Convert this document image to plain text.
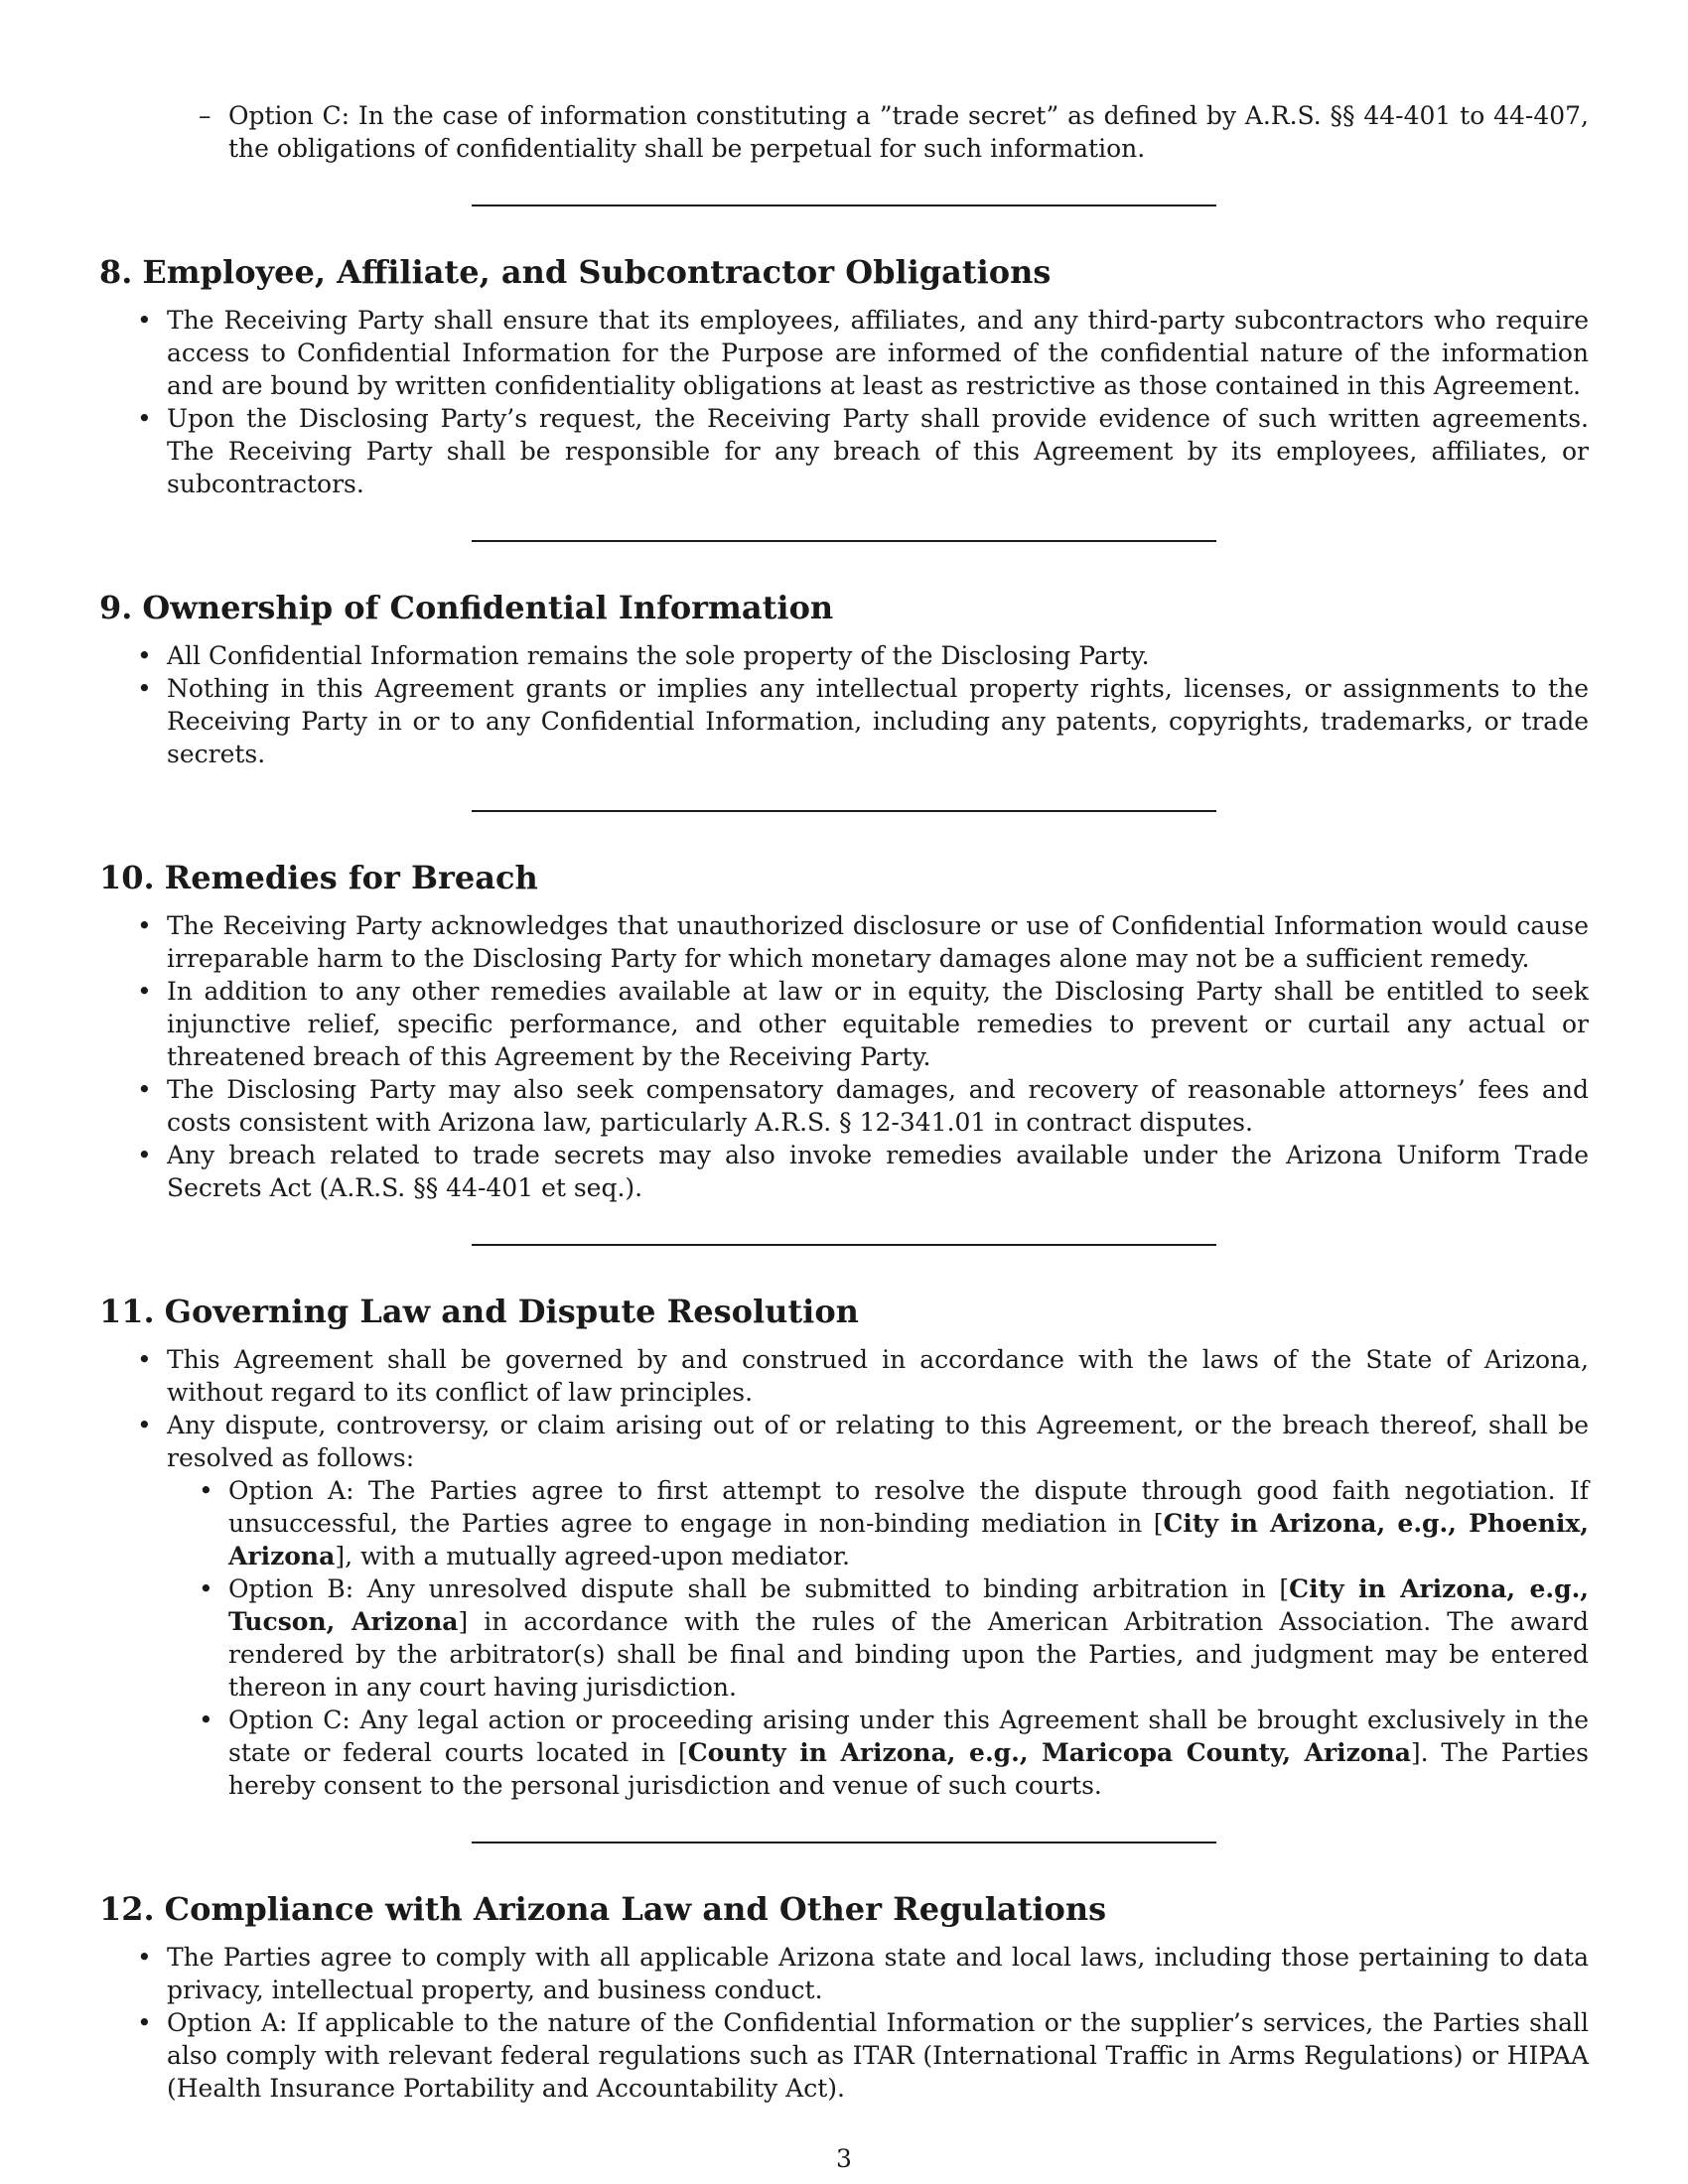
– Option C: In the case of information constituting a ”trade secret” as defined by A.R.S. §§ 44-401 to 44-407, the obligations of confidentiality shall be perpetual for such information.
8. Employee, Affiliate, and Subcontractor Obligations
• The Receiving Party shall ensure that its employees, affiliates, and any third-party subcontractors who require access to Confidential Information for the Purpose are informed of the confidential nature of the information and are bound by written confidentiality obligations at least as restrictive as those contained in this Agreement.
• Upon the Disclosing Party’s request, the Receiving Party shall provide evidence of such written agreements. The Receiving Party shall be responsible for any breach of this Agreement by its employees, affiliates, or subcontractors.
9. Ownership of Confidential Information
• All Confidential Information remains the sole property of the Disclosing Party.
• Nothing in this Agreement grants or implies any intellectual property rights, licenses, or assignments to the Receiving Party in or to any Confidential Information, including any patents, copyrights, trademarks, or trade secrets.
10. Remedies for Breach
• The Receiving Party acknowledges that unauthorized disclosure or use of Confidential Information would cause irreparable harm to the Disclosing Party for which monetary damages alone may not be a sufficient remedy.
• In addition to any other remedies available at law or in equity, the Disclosing Party shall be entitled to seek injunctive relief, specific performance, and other equitable remedies to prevent or curtail any actual or threatened breach of this Agreement by the Receiving Party.
• The Disclosing Party may also seek compensatory damages, and recovery of reasonable attorneys’ fees and costs consistent with Arizona law, particularly A.R.S. § 12-341.01 in contract disputes.
• Any breach related to trade secrets may also invoke remedies available under the Arizona Uniform Trade Secrets Act (A.R.S. §§ 44-401 et seq.).
11. Governing Law and Dispute Resolution
• This Agreement shall be governed by and construed in accordance with the laws of the State of Arizona, without regard to its conflict of law principles.
• Any dispute, controversy, or claim arising out of or relating to this Agreement, or the breach thereof, shall be resolved as follows:
• Option A: The Parties agree to first attempt to resolve the dispute through good faith negotiation. If unsuccessful, the Parties agree to engage in non-binding mediation in [City in Arizona, e.g., Phoenix, Arizona], with a mutually agreed-upon mediator.
• Option B: Any unresolved dispute shall be submitted to binding arbitration in [City in Arizona, e.g., Tucson, Arizona] in accordance with the rules of the American Arbitration Association. The award rendered by the arbitrator(s) shall be final and binding upon the Parties, and judgment may be entered thereon in any court having jurisdiction.
• Option C: Any legal action or proceeding arising under this Agreement shall be brought exclusively in the state or federal courts located in [County in Arizona, e.g., Maricopa County, Arizona]. The Parties hereby consent to the personal jurisdiction and venue of such courts.
12. Compliance with Arizona Law and Other Regulations
• The Parties agree to comply with all applicable Arizona state and local laws, including those pertaining to data privacy, intellectual property, and business conduct.
• Option A: If applicable to the nature of the Confidential Information or the supplier’s services, the Parties shall also comply with relevant federal regulations such as ITAR (International Traffic in Arms Regulations) or HIPAA (Health Insurance Portability and Accountability Act).
3
